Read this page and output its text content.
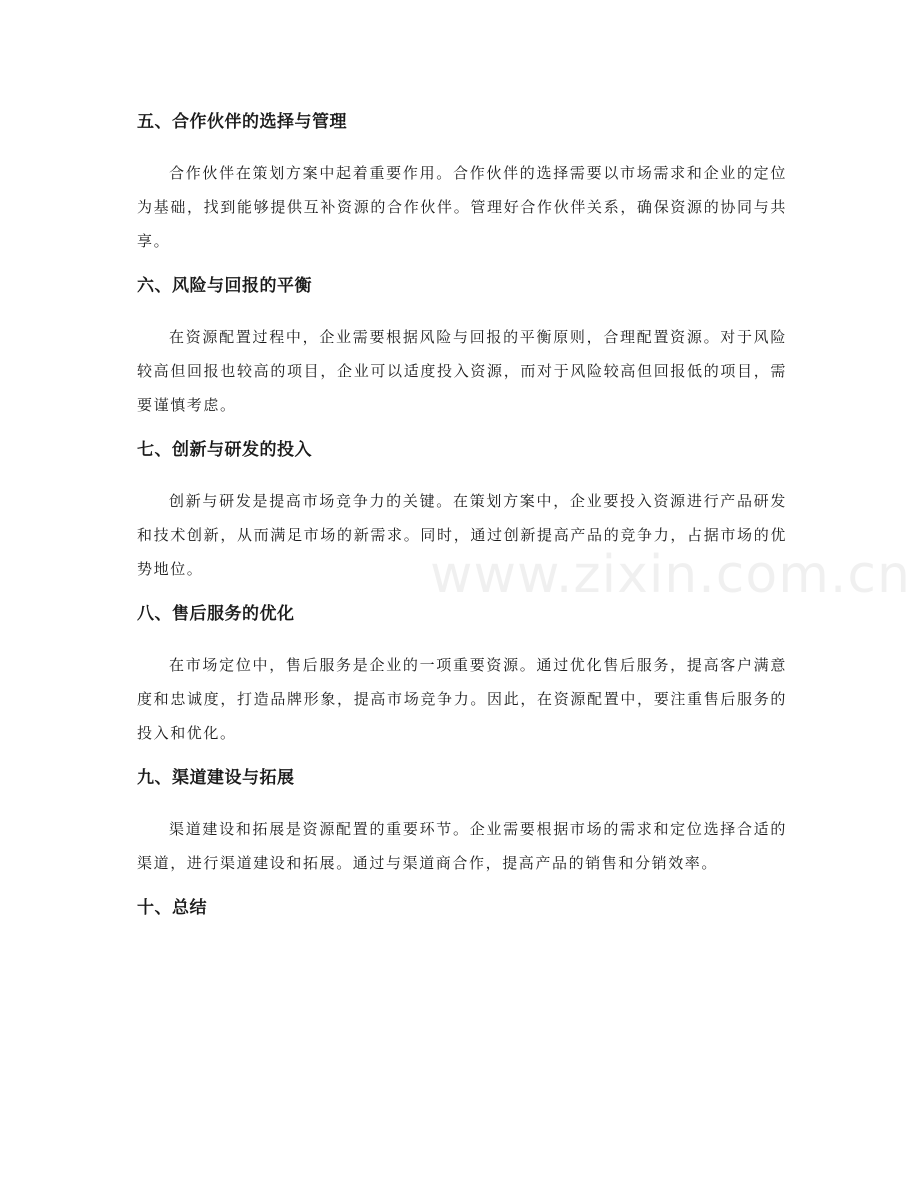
五、合作伙伴的选择与管理

合作伙伴在策划方案中起着重要作用。合作伙伴的选择需要以市场需求和企业的定位为基础，找到能够提供互补资源的合作伙伴。管理好合作伙伴关系，确保资源的协同与共享。

六、风险与回报的平衡

在资源配置过程中，企业需要根据风险与回报的平衡原则，合理配置资源。对于风险较高但回报也较高的项目，企业可以适度投入资源，而对于风险较高但回报低的项目，需要谨慎考虑。

七、创新与研发的投入

创新与研发是提高市场竞争力的关键。在策划方案中，企业要投入资源进行产品研发和技术创新，从而满足市场的新需求。同时，通过创新提高产品的竞争力，占据市场的优势地位。

八、售后服务的优化

在市场定位中，售后服务是企业的一项重要资源。通过优化售后服务，提高客户满意度和忠诚度，打造品牌形象，提高市场竞争力。因此，在资源配置中，要注重售后服务的投入和优化。

九、渠道建设与拓展

渠道建设和拓展是资源配置的重要环节。企业需要根据市场的需求和定位选择合适的渠道，进行渠道建设和拓展。通过与渠道商合作，提高产品的销售和分销效率。

十、总结
www.zixin.com.cn
